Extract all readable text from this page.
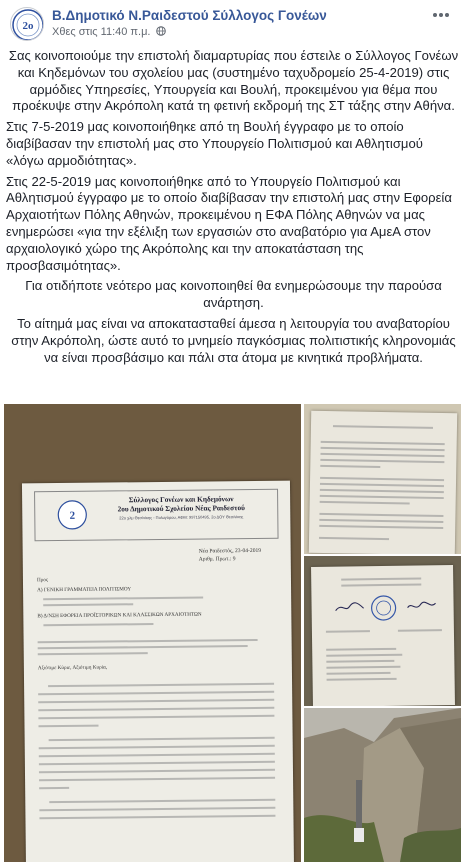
2ο
Β.Δημοτικό Ν.Ραιδεστού Σύλλογος Γονέων
Χθες στις 11:40 π.μ.

Σας κοινοποιούμε την επιστολή διαμαρτυρίας που έστειλε ο Σύλλογος Γονέων και Κηδεμόνων του σχολείου μας (συστημένο ταχυδρομείο 25-4-2019) στις αρμόδιες Υπηρεσίες, Υπουργεία και Βουλή, προκειμένου για θέμα που προέκυψε στην Ακρόπολη κατά τη φετινή εκδρομή της ΣΤ τάξης στην Αθήνα.

Στις 7-5-2019 μας κοινοποιήθηκε από τη Βουλή έγγραφο με το οποίο διαβίβασαν την επιστολή μας στο Υπουργείο Πολιτισμού και Αθλητισμού «λόγω αρμοδιότητας».

Στις 22-5-2019 μας κοινοποιήθηκε από το Υπουργείο Πολιτισμού και Αθλητισμού έγγραφο με το οποίο διαβίβασαν την επιστολή μας στην Εφορεία Αρχαιοτήτων Πόλης Αθηνών, προκειμένου η ΕΦΑ Πόλης Αθηνών να μας ενημερώσει «για την εξέλιξη των εργασιών στο αναβατόριο για ΑμεΑ στον αρχαιολογικό χώρο της Ακρόπολης και την αποκατάσταση της προσβασιμότητας».

Για οτιδήποτε νεότερο μας κοινοποιηθεί θα ενημερώσουμε την παρούσα ανάρτηση.

Το αίτημά μας είναι να αποκατασταθεί άμεσα η λειτουργία του αναβατορίου στην Ακρόπολη, ώστε αυτό το μνημείο παγκόσμιας πολιτιστικής κληρονομιάς να είναι προσβάσιμο και πάλι στα άτομα με κινητικά προβλήματα.

2
Σύλλογος Γονέων και Κηδεμόνων
2ου Δημοτικού Σχολείου Νέας Ραιδεστού
22ο χλμ Θεσ/νίκης - Πολυγύρου, ΑΦΜ: 997150495, 2ο ΔΟΥ Θεσ/νίκης
Νέα Ραιδεστός, 23-04-2019
Αριθμ. Πρωτ.: 9
Προς
Α) ΓΕΝΙΚΗ ΓΡΑΜΜΑΤΕΙΑ ΠΟΛΙΤΙΣΜΟΥ
Β) Δ/ΝΣΗ ΕΦΟΡΕΙΑ ΠΡΟΪΣΤΟΡΙΚΩΝ ΚΑΙ ΚΛΑΣΣΙΚΩΝ ΑΡΧΑΙΟΤΗΤΩΝ
Αξιότιμε Κύριε, Αξιότιμη Κυρία,
